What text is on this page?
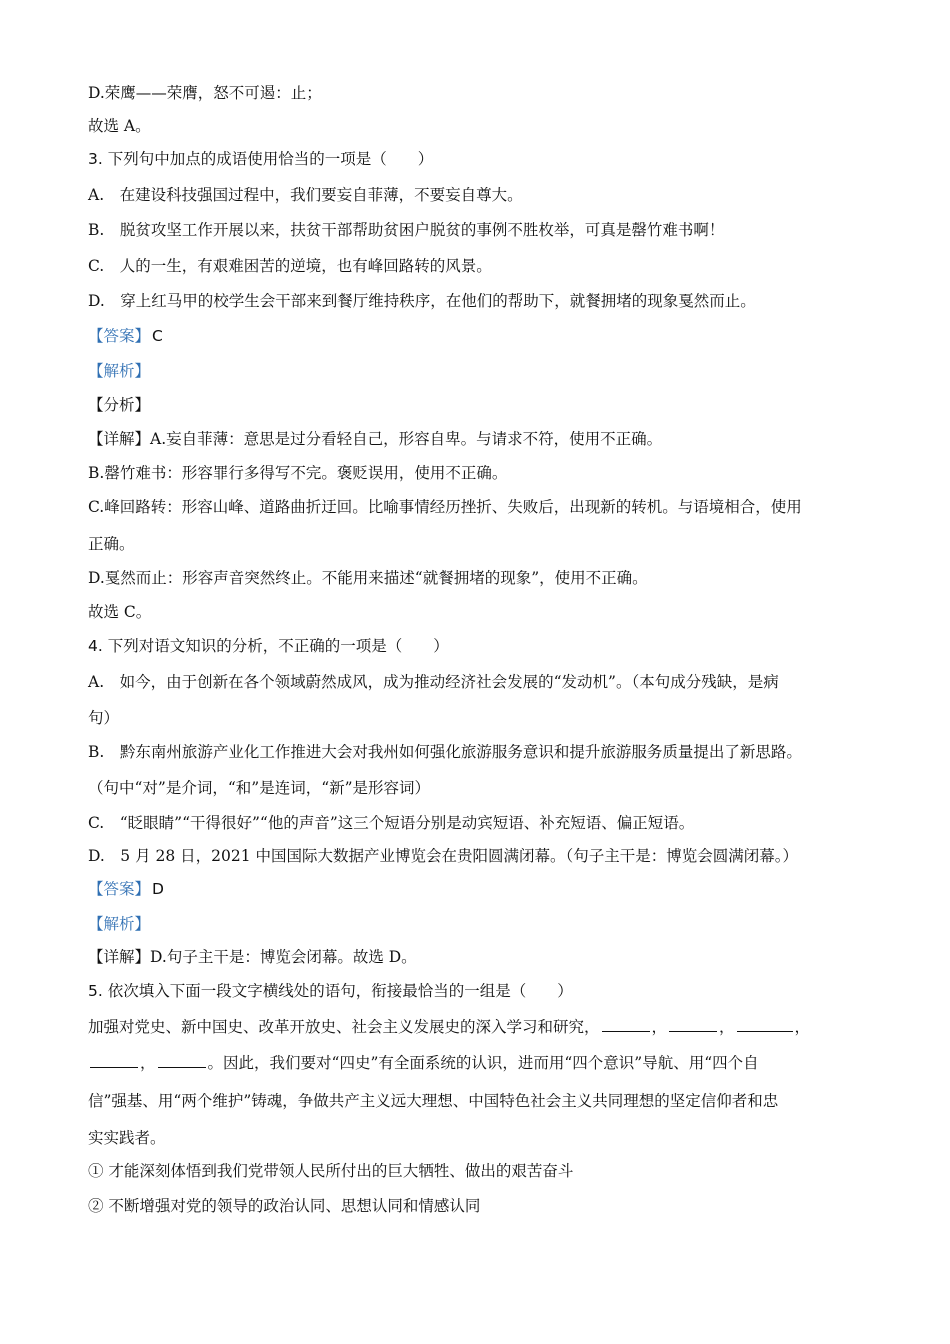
D.荣鹰——荣膺，怒不可遏：止；
故选 A。
3. 下列句中加点的成语使用恰当的一项是（　　）
A.　在建设科技强国过程中，我们要妄自菲薄，不要妄自尊大。
B.　脱贫攻坚工作开展以来，扶贫干部帮助贫困户脱贫的事例不胜枚举，可真是罄竹难书啊！
C.　人的一生，有艰难困苦的逆境，也有峰回路转的风景。
D.　穿上红马甲的校学生会干部来到餐厅维持秩序，在他们的帮助下，就餐拥堵的现象戛然而止。
【答案】 C
【解析】
【分析】
【详解】A.妄自菲薄：意思是过分看轻自己，形容自卑。与请求不符，使用不正确。
B.罄竹难书：形容罪行多得写不完。褒贬误用，使用不正确。
C.峰回路转：形容山峰、道路曲折迂回。比喻事情经历挫折、失败后，出现新的转机。与语境相合，使用
正确。
D.戛然而止：形容声音突然终止。不能用来描述“就餐拥堵的现象”，使用不正确。
故选 C。
4. 下列对语文知识的分析，不正确的一项是（　　）
A.　如今，由于创新在各个领域蔚然成风，成为推动经济社会发展的“发动机”。（本句成分残缺，是病
句）
B.　黔东南州旅游产业化工作推进大会对我州如何强化旅游服务意识和提升旅游服务质量提出了新思路。
（句中“对”是介词，“和”是连词，“新”是形容词）
C.　“眨眼睛”“干得很好”“他的声音”这三个短语分别是动宾短语、补充短语、偏正短语。
D.　5 月 28 日，2021 中国国际大数据产业博览会在贵阳圆满闭幕。（句子主干是：博览会圆满闭幕。）
【答案】 D
【解析】
【详解】D.句子主干是：博览会闭幕。故选 D。
5. 依次填入下面一段文字横线处的语句，衔接最恰当的一组是（　　）
加强对党史、新中国史、改革开放史、社会主义发展史的深入学习和研究，	，	，	，
，	。因此，我们要对“四史”有全面系统的认识，进而用“四个意识”导航、用“四个自
信”强基、用“两个维护”铸魂，争做共产主义远大理想、中国特色社会主义共同理想的坚定信仰者和忠
实实践者。
① 才能深刻体悟到我们党带领人民所付出的巨大牺牲、做出的艰苦奋斗
② 不断增强对党的领导的政治认同、思想认同和情感认同
